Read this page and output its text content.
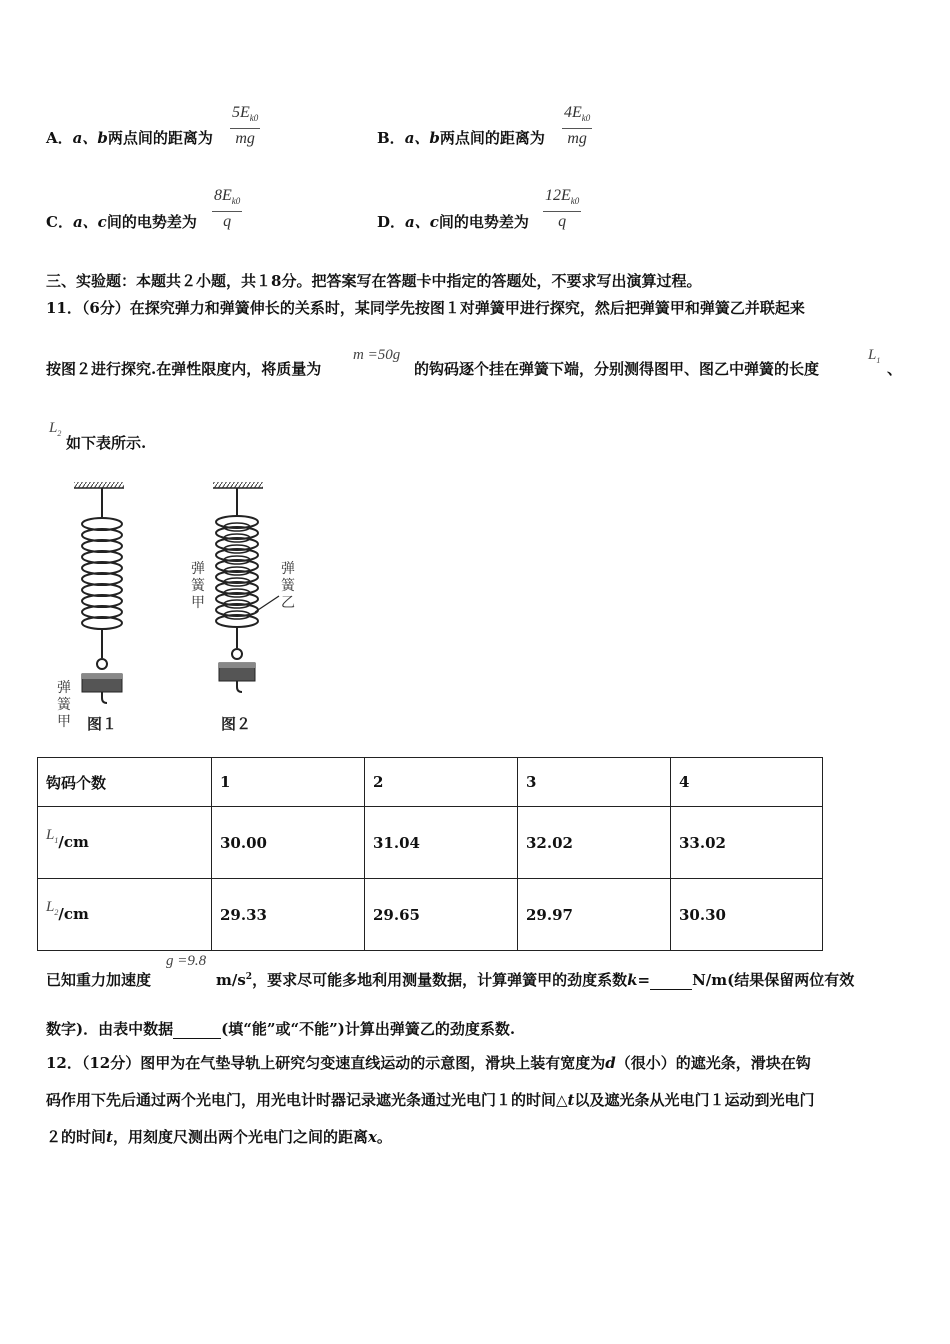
A．a、b两点间的距离为 $\frac{5E_{k0}}{mg}$	B．a、b两点间的距离为 $\frac{4E_{k0}}{mg}$
C．a、c间的电势差为 $\frac{8E_{k0}}{q}$	D．a、c间的电势差为 $\frac{12E_{k0}}{q}$
三、实验题：本题共２小题，共１8分。把答案写在答题卡中指定的答题处，不要求写出演算过程。
11．（6分）在探究弹力和弹簧伸长的关系时，某同学先按图１对弹簧甲进行探究，然后把弹簧甲和弹簧乙并联起来
按图２进行探究.在弹性限度内，将质量为
m =50g
的钩码逐个挂在弹簧下端，分别测得图甲、图乙中弹簧的长度
$L_1$ 、
$L_2$
如下表所示.
弹簧甲 图１
弹簧甲
弹簧乙
图２
钩码个数	1	2	3	4
$L_1/cm$	30.00	31.04	32.02	33.02
$L_2/cm$	29.33	29.65	29.97	30.30
已知重力加速度
g =9.8
$m/s^2$，要求尽可能多地利用测量数据，计算弹簧甲的劲度系数k=	N/m(结果保留两位有效
数字)．由表中数据	(填“能”或“不能”)计算出弹簧乙的劲度系数.
12．（12分）图甲为在气垫导轨上研究匀变速直线运动的示意图，滑块上装有宽度为d（很小）的遮光条，滑块在钩
码作用下先后通过两个光电门，用光电计时器记录遮光条通过光电门１的时间△t以及遮光条从光电门１运动到光电门
２的时间t，用刻度尺测出两个光电门之间的距离x。
